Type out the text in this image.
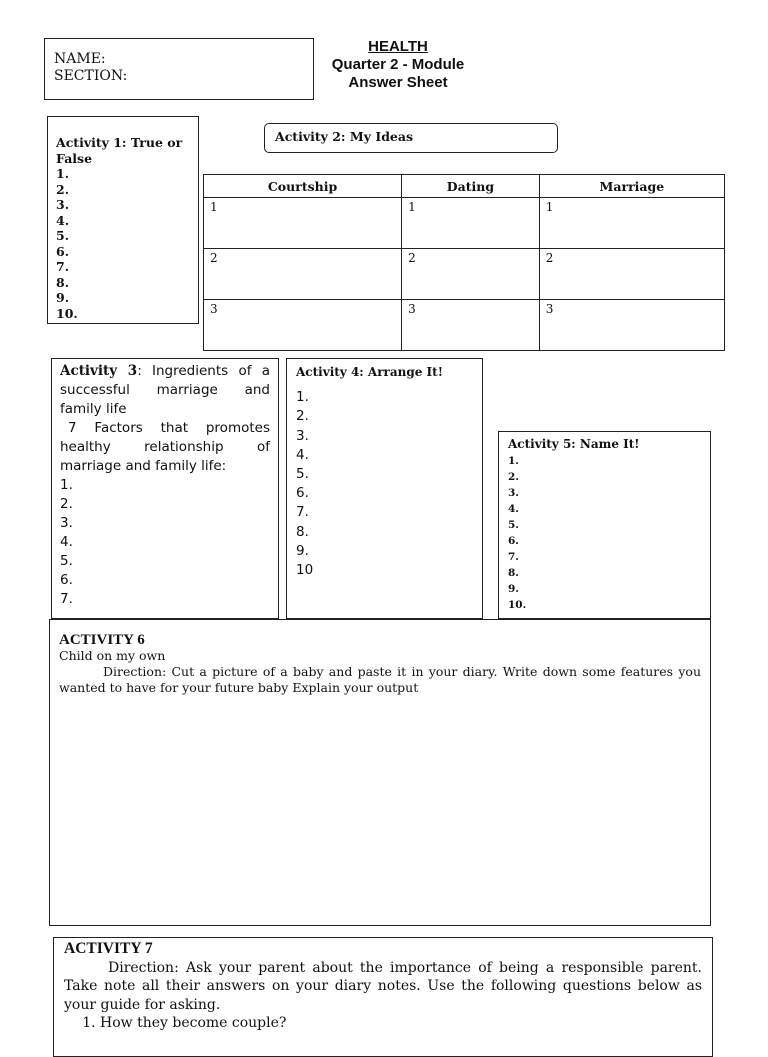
NAME:
SECTION:
HEALTH
Quarter 2 - Module
Answer Sheet
Activity 1: True or False
1.
2.
3.
4.
5.
6.
7.
8.
9.
10.
Activity 2: My Ideas
Courtship	Dating	Marriage
1	1	1
2	2	2
3	3	3
Activity 3: Ingredients of a successful marriage and family life
7 Factors that promotes healthy relationship of marriage and family life:
1.
2.
3.
4.
5.
6.
7.
Activity 4: Arrange It!
1.
2.
3.
4.
5.
6.
7.
8.
9.
10
Activity 5: Name It!
1.
2.
3.
4.
5.
6.
7.
8.
9.
10.
ACTIVITY 6
Child on my own
Direction: Cut a picture of a baby and paste it in your diary. Write down some features you wanted to have for your future baby Explain your output
ACTIVITY 7
Direction: Ask your parent about the importance of being a responsible parent. Take note all their answers on your diary notes. Use the following questions below as your guide for asking.
1. How they become couple?
